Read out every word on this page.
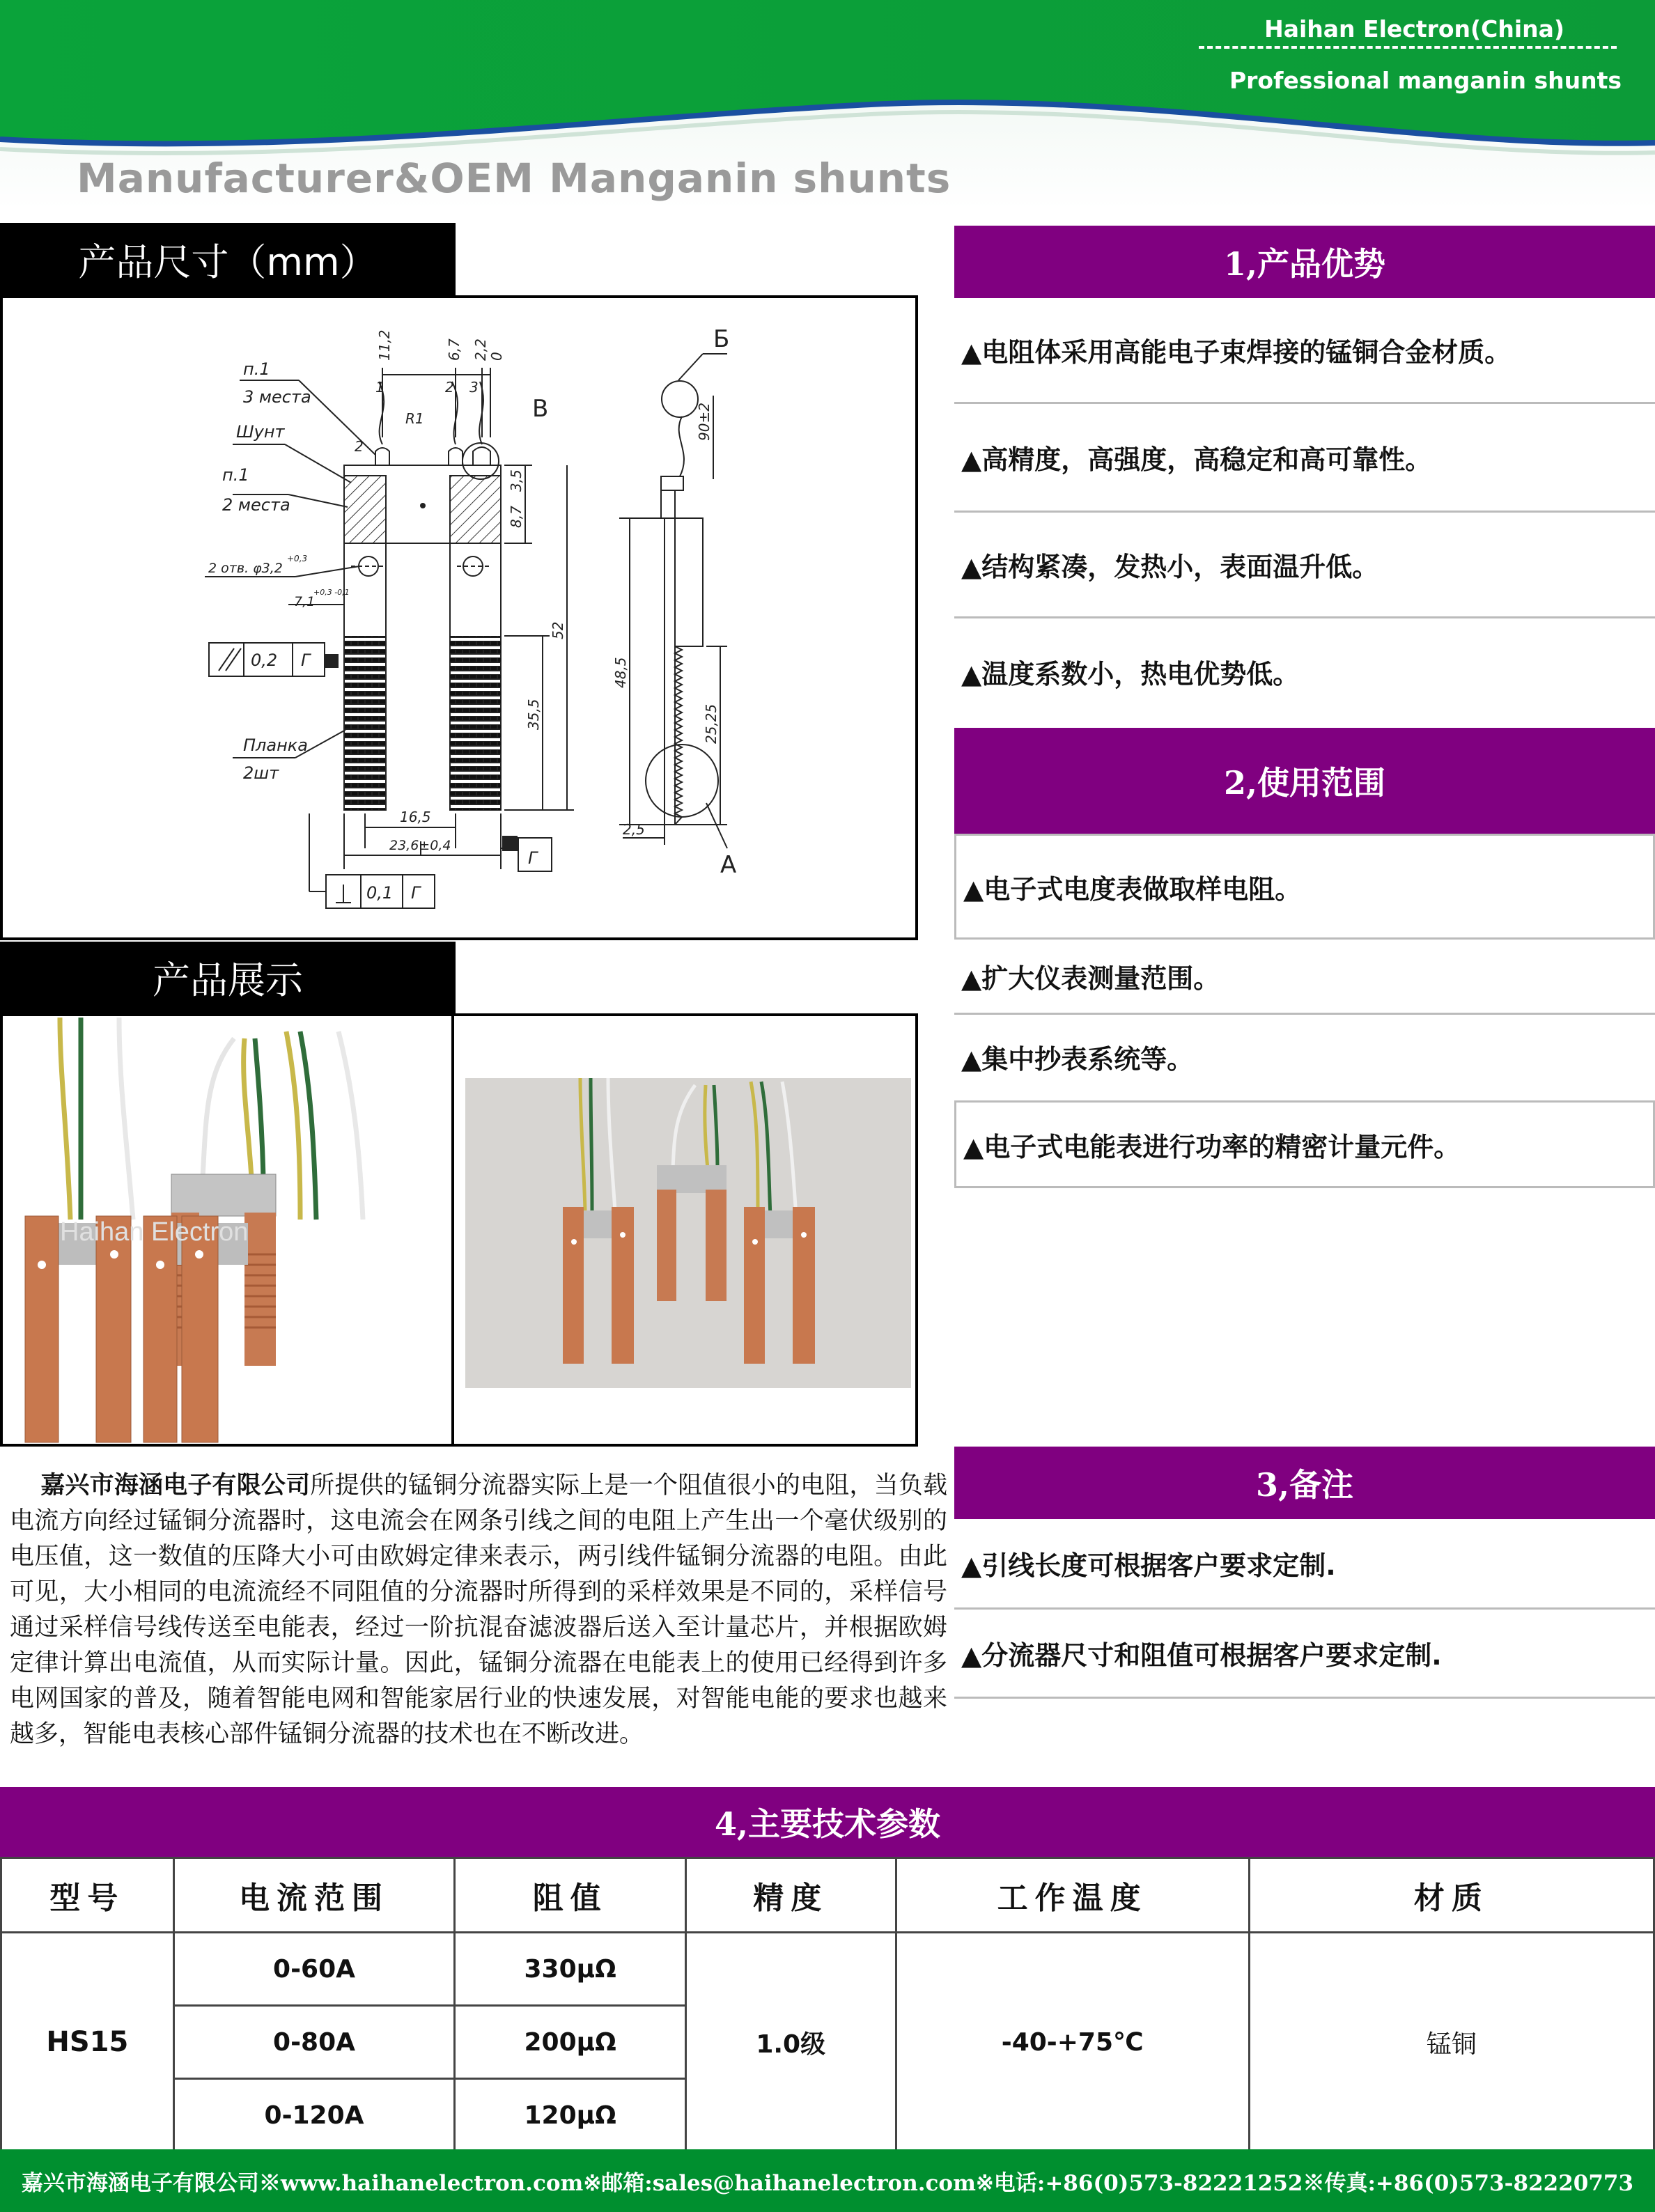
Haihan Electron(China)
Professional manganin shunts
Manufacturer&OEM Manganin shunts
产品尺寸（mm）
п.1
3 места
Шунт
п.1
2 места
2 отв. φ3,2
+0,3
7,1
+0,3 -0,1
0,2 Г
Планка
2шт
11,2	6,7 2,2 0
1	2 3
R1
2
B
3,5
8,7
52
35,5
16,5
23,6±0,4
Г
0,1 Г
Б
90±2
48,5
25,25
2,5
A
产品展示
Haihan Electron
嘉兴市海涵电子有限公司所提供的锰铜分流器实际上是一个阻值很小的电阻，当负载电流方向经过锰铜分流器时，这电流会在网条引线之间的电阻上产生出一个毫伏级别的电压值，这一数值的压降大小可由欧姆定律来表示，两引线件锰铜分流器的电阻。由此可见，大小相同的电流流经不同阻值的分流器时所得到的采样效果是不同的，采样信号通过采样信号线传送至电能表，经过一阶抗混奋滤波器后送入至计量芯片，并根据欧姆定律计算出电流值，从而实际计量。因此，锰铜分流器在电能表上的使用已经得到许多电网国家的普及，随着智能电网和智能家居行业的快速发展，对智能电能的要求也越来越多，智能电表核心部件锰铜分流器的技术也在不断改进。
1,产品优势
▲电阻体采用高能电子束焊接的锰铜合金材质。
▲高精度，高强度，高稳定和高可靠性。
▲结构紧凑，发热小，表面温升低。
▲温度系数小，热电优势低。
2,使用范围
▲电子式电度表做取样电阻。
▲扩大仪表测量范围。
▲集中抄表系统等。
▲电子式电能表进行功率的精密计量元件。
3,备注
▲引线长度可根据客户要求定制.
▲分流器尺寸和阻值可根据客户要求定制.
4,主要技术参数
型号	电流范围	阻值	精度	工作温度	材质
HS15	0-60A	330μΩ	1.0级	-40-+75℃	锰铜
	0-80A	200μΩ			
	0-120A	120μΩ			
嘉兴市海涵电子有限公司※www.haihanelectron.com※邮箱:sales@haihanelectron.com※电话:+86(0)573-82221252※传真:+86(0)573-82220773
